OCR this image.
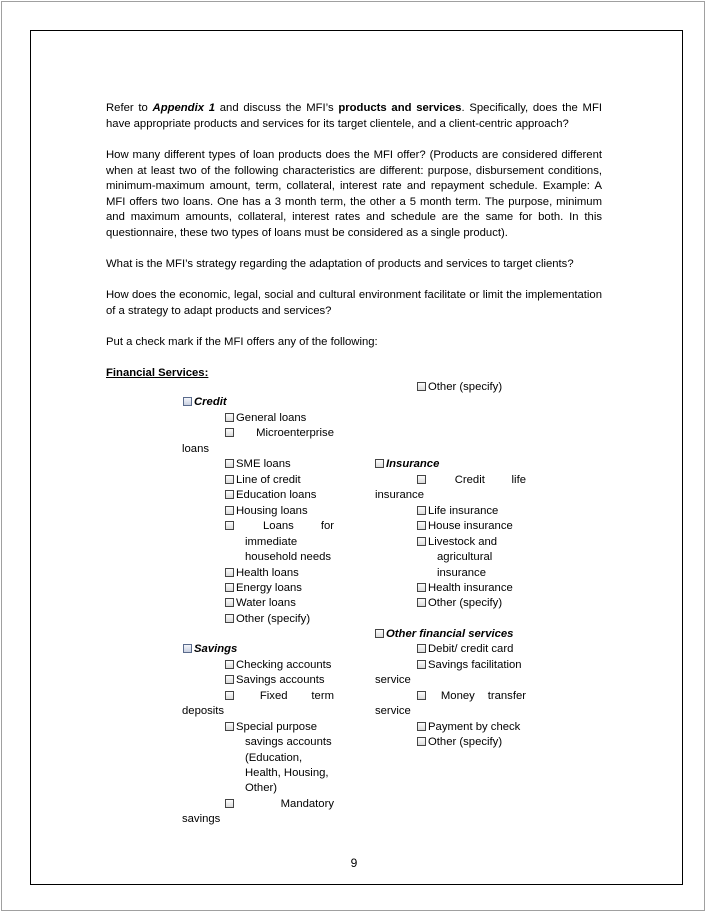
Refer to Appendix 1 and discuss the MFI’s products and services. Specifically, does the MFI have appropriate products and services for its target clientele, and a client-centric approach?
How many different types of loan products does the MFI offer? (Products are considered different when at least two of the following characteristics are different: purpose, disbursement conditions, minimum-maximum amount, term, collateral, interest rate and repayment schedule. Example: A MFI offers two loans. One has a 3 month term, the other a 5 month term. The purpose, minimum and maximum amounts, collateral, interest rates and schedule are the same for both. In this questionnaire, these two types of loans must be considered as a single product).
What is the MFI’s strategy regarding the adaptation of products and services to target clients?
How does the economic, legal, social and cultural environment facilitate or limit the implementation of a strategy to adapt products and services?
Put a check mark if the MFI offers any of the following:
Financial Services:
Other (specify)
Credit
General loans
Microenterprise
loans
SME loans
Line of credit
Education loans
Housing loans
Loans for
immediate
household needs
Health loans
Energy loans
Water loans
Other (specify)
Savings
Checking accounts
Savings accounts
Fixed term
deposits
Special purpose
savings accounts
(Education,
Health, Housing,
Other)
Mandatory
savings
Insurance
Credit life
insurance
Life insurance
House insurance
Livestock and
agricultural
insurance
Health insurance
Other (specify)
Other financial services
Debit/ credit card
Savings facilitation
service
Money transfer
service
Payment by check
Other (specify)
9
